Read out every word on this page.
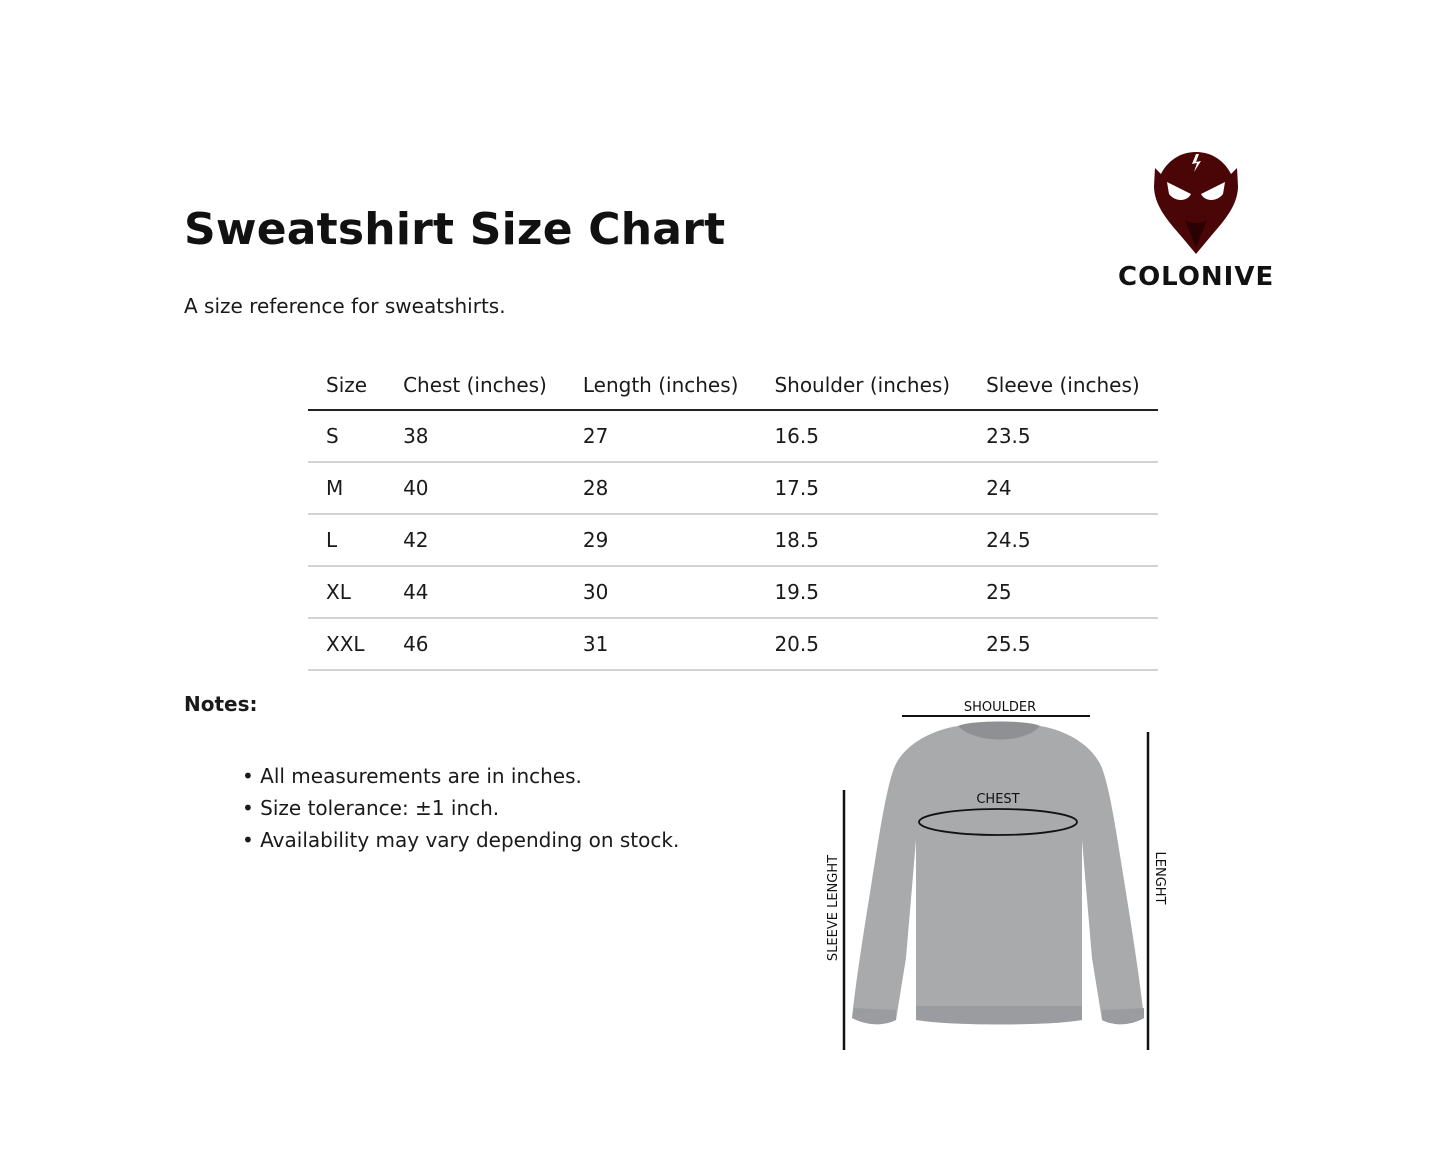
Sweatshirt Size Chart
A size reference for sweatshirts.
COLONIVE
Size	Chest (inches)	Length (inches)	Shoulder (inches)	Sleeve (inches)
S	38	27	16.5	23.5
M	40	28	17.5	24
L	42	29	18.5	24.5
XL	44	30	19.5	25
XXL	46	31	20.5	25.5
Notes:
• All measurements are in inches.
• Size tolerance: ±1 inch.
• Availability may vary depending on stock.
SHOULDER
CHEST
SLEEVE LENGHT	LENGHT
